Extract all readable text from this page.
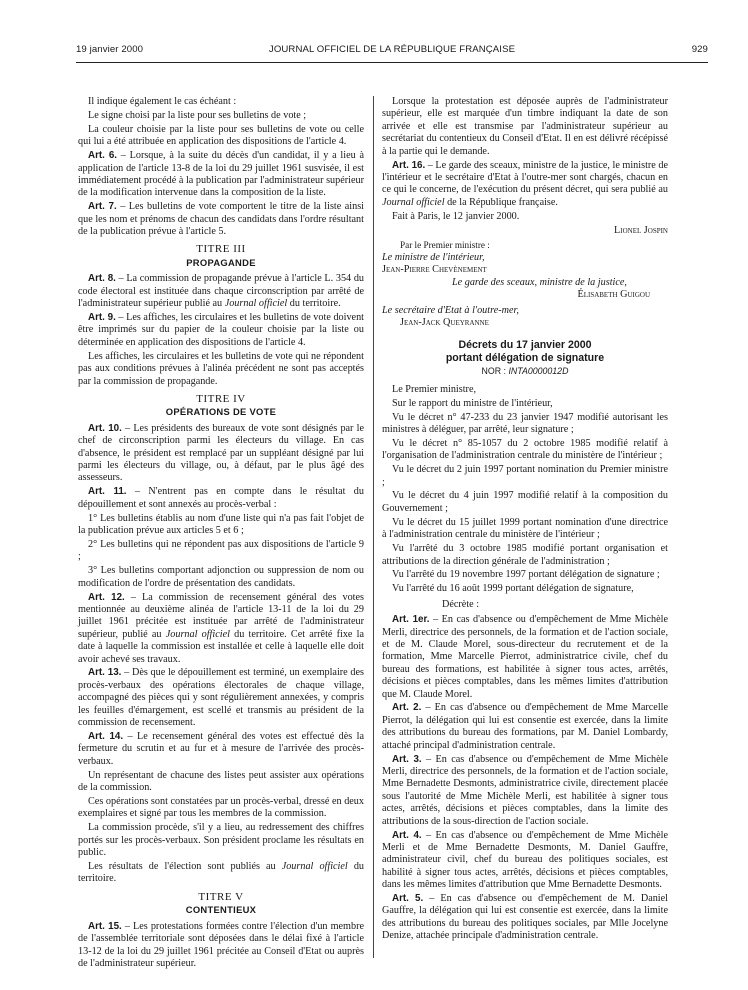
19 janvier 2000	JOURNAL OFFICIEL DE LA RÉPUBLIQUE FRANÇAISE	929

Il indique également le cas échéant :

Le signe choisi par la liste pour ses bulletins de vote ;

La couleur choisie par la liste pour ses bulletins de vote ou celle qui lui a été attribuée en application des dispositions de l'article 4.

Art. 6. – Lorsque, à la suite du décès d'un candidat, il y a lieu à application de l'article 13-8 de la loi du 29 juillet 1961 susvisée, il est immédiatement procédé à la publication par l'administrateur supérieur de la modification intervenue dans la composition de la liste.

Art. 7. – Les bulletins de vote comportent le titre de la liste ainsi que les nom et prénoms de chacun des candidats dans l'ordre résultant de la publication prévue à l'article 5.

TITRE III
PROPAGANDE

Art. 8. – La commission de propagande prévue à l'article L. 354 du code électoral est instituée dans chaque circonscription par arrêté de l'administrateur supérieur publié au Journal officiel du territoire.

Art. 9. – Les affiches, les circulaires et les bulletins de vote doivent être imprimés sur du papier de la couleur choisie par la liste ou déterminée en application des dispositions de l'article 4.

Les affiches, les circulaires et les bulletins de vote qui ne répondent pas aux conditions prévues à l'alinéa précédent ne sont pas acceptés par la commission de propagande.

TITRE IV
OPÉRATIONS DE VOTE

Art. 10. – Les présidents des bureaux de vote sont désignés par le chef de circonscription parmi les électeurs du village. En cas d'absence, le président est remplacé par un suppléant désigné par lui parmi les électeurs du village, ou, à défaut, par le plus âgé des assesseurs.

Art. 11. – N'entrent pas en compte dans le résultat du dépouillement et sont annexés au procès-verbal :

1° Les bulletins établis au nom d'une liste qui n'a pas fait l'objet de la publication prévue aux articles 5 et 6 ;

2° Les bulletins qui ne répondent pas aux dispositions de l'article 9 ;

3° Les bulletins comportant adjonction ou suppression de nom ou modification de l'ordre de présentation des candidats.

Art. 12. – La commission de recensement général des votes mentionnée au deuxième alinéa de l'article 13-11 de la loi du 29 juillet 1961 précitée est instituée par arrêté de l'administrateur supérieur, publié au Journal officiel du territoire. Cet arrêté fixe la date à laquelle la commission est installée et celle à laquelle elle doit avoir achevé ses travaux.

Art. 13. – Dès que le dépouillement est terminé, un exemplaire des procès-verbaux des opérations électorales de chaque village, accompagné des pièces qui y sont régulièrement annexées, y compris les feuilles d'émargement, est scellé et transmis au président de la commission de recensement.

Art. 14. – Le recensement général des votes est effectué dès la fermeture du scrutin et au fur et à mesure de l'arrivée des procès-verbaux.

Un représentant de chacune des listes peut assister aux opérations de la commission.

Ces opérations sont constatées par un procès-verbal, dressé en deux exemplaires et signé par tous les membres de la commission.

La commission procède, s'il y a lieu, au redressement des chiffres portés sur les procès-verbaux. Son président proclame les résultats en public.

Les résultats de l'élection sont publiés au Journal officiel du territoire.

TITRE V
CONTENTIEUX

Art. 15. – Les protestations formées contre l'élection d'un membre de l'assemblée territoriale sont déposées dans le délai fixé à l'article 13-12 de la loi du 29 juillet 1961 précitée au Conseil d'Etat ou auprès de l'administrateur supérieur.

Lorsque la protestation est déposée auprès de l'administrateur supérieur, elle est marquée d'un timbre indiquant la date de son arrivée et elle est transmise par l'administrateur supérieur au secrétariat du contentieux du Conseil d'Etat. Il en est délivré récépissé à la partie qui le demande.

Art. 16. – Le garde des sceaux, ministre de la justice, le ministre de l'intérieur et le secrétaire d'Etat à l'outre-mer sont chargés, chacun en ce qui le concerne, de l'exécution du présent décret, qui sera publié au Journal officiel de la République française.

Fait à Paris, le 12 janvier 2000.

Lionel Jospin
Par le Premier ministre :
Le ministre de l'intérieur,
Jean-Pierre Chevènement
Le garde des sceaux, ministre de la justice,
Élisabeth Guigou
Le secrétaire d'Etat à l'outre-mer,
Jean-Jack Queyranne
Décrets du 17 janvier 2000
portant délégation de signature
NOR : INTA0000012D

Le Premier ministre,

Sur le rapport du ministre de l'intérieur,

Vu le décret n° 47-233 du 23 janvier 1947 modifié autorisant les ministres à déléguer, par arrêté, leur signature ;

Vu le décret n° 85-1057 du 2 octobre 1985 modifié relatif à l'organisation de l'administration centrale du ministère de l'intérieur ;

Vu le décret du 2 juin 1997 portant nomination du Premier ministre ;

Vu le décret du 4 juin 1997 modifié relatif à la composition du Gouvernement ;

Vu le décret du 15 juillet 1999 portant nomination d'une directrice à l'administration centrale du ministère de l'intérieur ;

Vu l'arrêté du 3 octobre 1985 modifié portant organisation et attributions de la direction générale de l'administration ;

Vu l'arrêté du 19 novembre 1997 portant délégation de signature ;

Vu l'arrêté du 16 août 1999 portant délégation de signature,

Décrète :

Art. 1er. – En cas d'absence ou d'empêchement de Mme Michèle Merli, directrice des personnels, de la formation et de l'action sociale, et de M. Claude Morel, sous-directeur du recrutement et de la formation, Mme Marcelle Pierrot, administratrice civile, chef du bureau des formations, est habilitée à signer tous actes, arrêtés, décisions et pièces comptables, dans les mêmes limites d'attribution que M. Claude Morel.

Art. 2. – En cas d'absence ou d'empêchement de Mme Marcelle Pierrot, la délégation qui lui est consentie est exercée, dans la limite des attributions du bureau des formations, par M. Daniel Lombardy, attaché principal d'administration centrale.

Art. 3. – En cas d'absence ou d'empêchement de Mme Michèle Merli, directrice des personnels, de la formation et de l'action sociale, Mme Bernadette Desmonts, administratrice civile, directement placée sous l'autorité de Mme Michèle Merli, est habilitée à signer tous actes, arrêtés, décisions et pièces comptables, dans la limite des attributions de la sous-direction de l'action sociale.

Art. 4. – En cas d'absence ou d'empêchement de Mme Michèle Merli et de Mme Bernadette Desmonts, M. Daniel Gauffre, administrateur civil, chef du bureau des politiques sociales, est habilité à signer tous actes, arrêtés, décisions et pièces comptables, dans les mêmes limites d'attribution que Mme Bernadette Desmonts.

Art. 5. – En cas d'absence ou d'empêchement de M. Daniel Gauffre, la délégation qui lui est consentie est exercée, dans la limite des attributions du bureau des politiques sociales, par Mlle Jocelyne Denize, attachée principale d'administration centrale.
